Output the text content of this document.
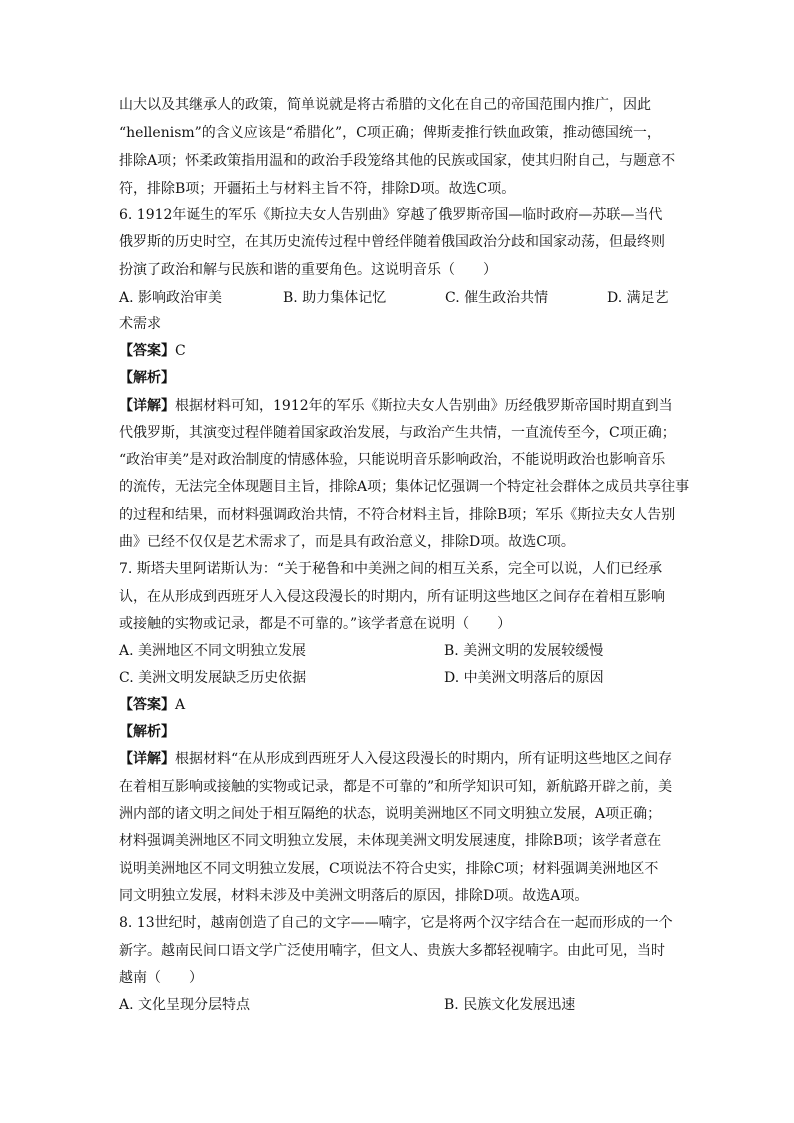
山大以及其继承人的政策，简单说就是将古希腊的文化在自己的帝国范围内推广，因此
“hellenism”的含义应该是“希腊化”，C项正确；俾斯麦推行铁血政策，推动德国统一，
排除A项；怀柔政策指用温和的政治手段笼络其他的民族或国家，使其归附自己，与题意不
符，排除B项；开疆拓土与材料主旨不符，排除D项。故选C项。
6. 1912年诞生的军乐《斯拉夫女人告别曲》穿越了俄罗斯帝国—临时政府—苏联—当代
俄罗斯的历史时空，在其历史流传过程中曾经伴随着俄国政治分歧和国家动荡，但最终则
扮演了政治和解与民族和谐的重要角色。这说明音乐（　　）
A. 影响政治审美	B. 助力集体记忆	C. 催生政治共情	D. 满足艺
术需求
【答案】C
【解析】
【详解】根据材料可知，1912年的军乐《斯拉夫女人告别曲》历经俄罗斯帝国时期直到当
代俄罗斯，其演变过程伴随着国家政治发展，与政治产生共情，一直流传至今，C项正确；
“政治审美”是对政治制度的情感体验，只能说明音乐影响政治，不能说明政治也影响音乐
的流传，无法完全体现题目主旨，排除A项；集体记忆强调一个特定社会群体之成员共享往事
的过程和结果，而材料强调政治共情，不符合材料主旨，排除B项；军乐《斯拉夫女人告别
曲》已经不仅仅是艺术需求了，而是具有政治意义，排除D项。故选C项。
7. 斯塔夫里阿诺斯认为：“关于秘鲁和中美洲之间的相互关系，完全可以说，人们已经承
认，在从形成到西班牙人入侵这段漫长的时期内，所有证明这些地区之间存在着相互影响
或接触的实物或记录，都是不可靠的。”该学者意在说明（　　）
A. 美洲地区不同文明独立发展	B. 美洲文明的发展较缓慢
C. 美洲文明发展缺乏历史依据	D. 中美洲文明落后的原因
【答案】A
【解析】
【详解】根据材料“在从形成到西班牙人入侵这段漫长的时期内，所有证明这些地区之间存
在着相互影响或接触的实物或记录，都是不可靠的”和所学知识可知，新航路开辟之前，美
洲内部的诸文明之间处于相互隔绝的状态，说明美洲地区不同文明独立发展，A项正确；
材料强调美洲地区不同文明独立发展，未体现美洲文明发展速度，排除B项；该学者意在
说明美洲地区不同文明独立发展，C项说法不符合史实，排除C项；材料强调美洲地区不
同文明独立发展，材料未涉及中美洲文明落后的原因，排除D项。故选A项。
8. 13世纪时，越南创造了自己的文字——喃字，它是将两个汉字结合在一起而形成的一个
新字。越南民间口语文学广泛使用喃字，但文人、贵族大多都轻视喃字。由此可见，当时
越南（　　）
A. 文化呈现分层特点	B. 民族文化发展迅速
